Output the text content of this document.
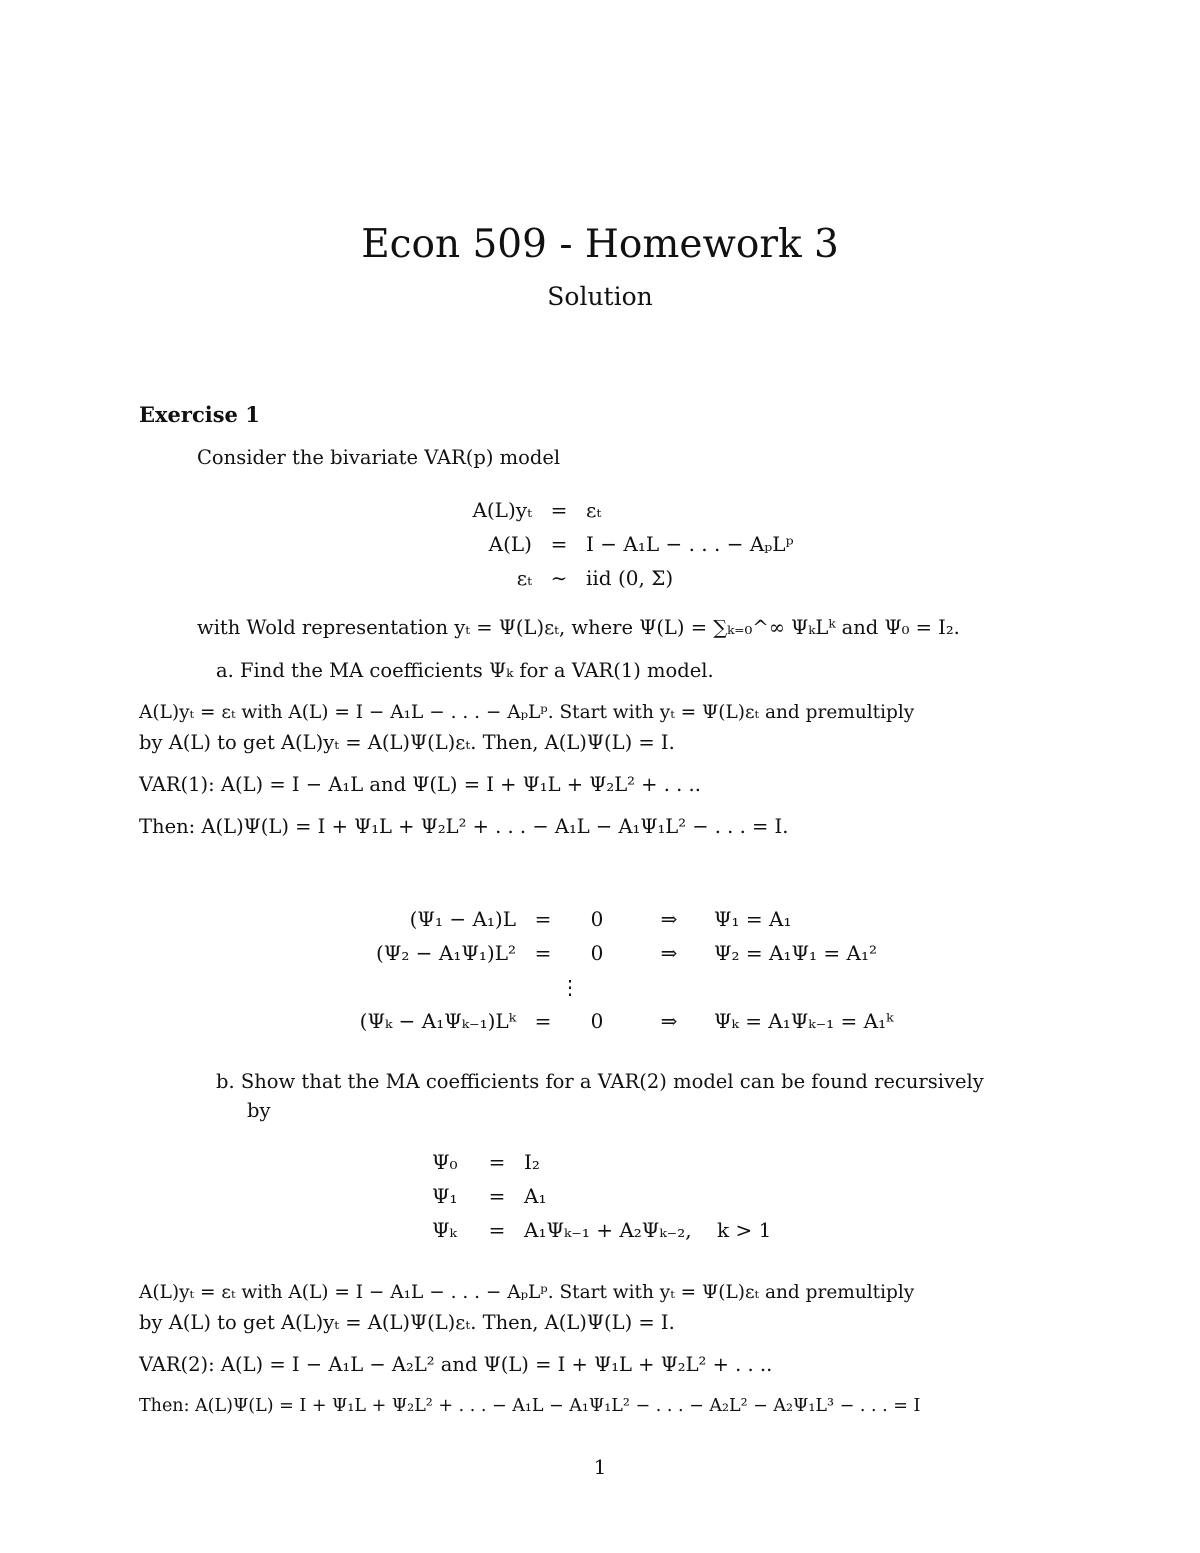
Econ 509 - Homework 3
Solution
Exercise 1
Consider the bivariate VAR(p) model
A(L)yₜ	=	εₜ
A(L)	=	I − A₁L − . . . − AₚLᵖ
εₜ	∼	iid (0, Σ)
with Wold representation yₜ = Ψ(L)εₜ, where Ψ(L) = ∑ₖ₌₀^∞ ΨₖLᵏ and Ψ₀ = I₂.
a. Find the MA coefficients Ψₖ for a VAR(1) model.
A(L)yₜ = εₜ with A(L) = I − A₁L − . . . − AₚLᵖ. Start with yₜ = Ψ(L)εₜ and premultiply
by A(L) to get A(L)yₜ = A(L)Ψ(L)εₜ. Then, A(L)Ψ(L) = I.
VAR(1): A(L) = I − A₁L and Ψ(L) = I + Ψ₁L + Ψ₂L² + . . ..
Then: A(L)Ψ(L) = I + Ψ₁L + Ψ₂L² + . . . − A₁L − A₁Ψ₁L² − . . . = I.
(Ψ₁ − A₁)L	=	0	⇒	Ψ₁ = A₁
(Ψ₂ − A₁Ψ₁)L²	=	0	⇒	Ψ₂ = A₁Ψ₁ = A₁²
	⋮			
(Ψₖ − A₁Ψₖ₋₁)Lᵏ	=	0	⇒	Ψₖ = A₁Ψₖ₋₁ = A₁ᵏ
b. Show that the MA coefficients for a VAR(2) model can be found recursively
by
Ψ₀	=	I₂
Ψ₁	=	A₁
Ψₖ	=	A₁Ψₖ₋₁ + A₂Ψₖ₋₂,    k > 1
A(L)yₜ = εₜ with A(L) = I − A₁L − . . . − AₚLᵖ. Start with yₜ = Ψ(L)εₜ and premultiply
by A(L) to get A(L)yₜ = A(L)Ψ(L)εₜ. Then, A(L)Ψ(L) = I.
VAR(2): A(L) = I − A₁L − A₂L² and Ψ(L) = I + Ψ₁L + Ψ₂L² + . . ..
Then: A(L)Ψ(L) = I + Ψ₁L + Ψ₂L² + . . . − A₁L − A₁Ψ₁L² − . . . − A₂L² − A₂Ψ₁L³ − . . . = I
1
